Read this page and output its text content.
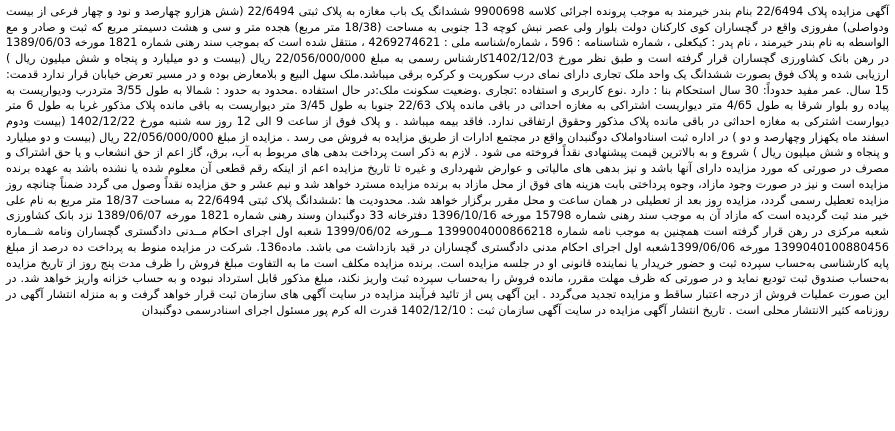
آگهی مزایده پلاک 22/6494 بنام بندر خیرمند به موجب پرونده اجرائی کلاسه 9900698 ششدانگ یک باب مغازه به پلاک ثبتی 22/6494 (شش هزارو چهارصد و نود و چهار فرعی از بیست ودواصلی) مفروزی واقع در گچساران کوی کارکنان دولت بلوار ولی عصر نبش کوچه 13 جنوبی به مساحت (18/38 متر مربع) هجده متر و سی و هشت دسیمتر مربع که ثبت و صادر و مع الواسطه به نام بندر خیرمند ، نام پدر : کیکعلی ، شماره شناسنامه : 596 ، شماره/شناسه ملی : 4269274621 ، منتقل شده است که بموجب سند رهنی شماره 1821 مورخه 1389/06/03 در رهن بانک کشاورزی گچساران قرار گرفته است و طبق نظر مورخ 1402/12/03کارشناس رسمی به مبلغ 22/056/000/000 ریال (بیست و دو میلیارد و پنجاه و شش میلیون ریال ) ارزیابی شده و پلاک فوق بصورت ششدانگ یک واحد ملک تجاری دارای نمای درب سکوریت و کرکره برقی میباشد.ملک سهل البیع و بلامعارض بوده و در مسیر تعرض خیابان قرار ندارد قدمت: 15 سال. عمر مفید حدوداً: 30 سال استحکام بنا : دارد .نوع کاربری و استفاده :تجاری .وضعیت سکونت ملک:در حال استفاده .محدود به حدود : شمالا به طول 3/55 متردرب ودیوار‌یست به پیاده رو بلوار شرقا به طول 4/65 متر دیواریست اشتراکی به مغازه احداثی در باقی مانده پلاک 22/63 جنوبا به طول 3/45 متر دیواریست به باقی مانده پلاک مذکور غربا به طول 6 متر دیوارست اشترکی به مغازه احداثی در باقی مانده پلاک مذکور وحقوق ارتفاقی ندارد. فاقد بیمه میباشد . و پلاک فوق از ساعت 9 الی 12 روز سه شنبه مورخ 1402/12/22 (بیست ودوم اسفند ماه یکهزار وچهارصد و دو ) در اداره ثبت اسنادواملاک دوگنبدان واقع در مجتمع ادارات از طریق مزایده به فروش می رسد . مزایده از مبلغ 22/056/000/000 ریال (بیست و دو میلیارد و پنجاه و شش میلیون ریال ) شروع و به بالاترین قیمت پیشنهادی نقداً فروخته می شود . لازم به ذکر است پرداخت بدهی های مربوط به آب، برق، گاز اعم از حق انشعاب و یا حق اشتراک و مصرف در صورتی که مورد مزایده دارای آنها باشد و نیز بدهی های مالیاتی و عوارض شهرداری و غیره تا تاریخ مزایده اعم از اینکه رقم قطعی آن معلوم شده یا نشده باشد به عهده برنده مزایده است و نیز در صورت وجود مازاد، وجوه پرداختی بابت هزینه های فوق از محل مازاد به برنده مزایده مسترد خواهد شد و نیم عشر و حق مزایده نقداً وصول می گردد ضمناً چنانچه روز مزایده تعطیل رسمی گردد، مزایده روز بعد از تعطیلی در همان ساعت و محل مقرر برگزار خواهد شد. محدودیت ها :ششدانگ پلاک ثبتی 22/6494 به مساحت 18/37 متر مربع به نام علی خیر مند ثبت گردیده است که مازاد آن به موجب سند رهنی شماره 15798 مورخه 1396/10/16 دفترخانه 33 دوگنبدان وسند رهنی شماره 1821 مورخه 1389/06/07 نزد بانک کشاورزی شعبه مرکزی در رهن قرار گرفته است همچنین به موجب نامه شماره 1399004000866218 مــورخه 1399/06/02 شعبه اول اجرای احکام مــدنی دادگستری گچساران ونامه شــماره 1399040100880456 مورخه 1399/06/06شعبه اول اجرای احکام مدنی دادگستری گچساران در قید بازداشت می باشد. ماده136. شرکت در مزایده منوط به پرداخت ده درصد از مبلغ پایه کارشناسی به‌حساب سپرده ثبت و حضور خریدار یا نماینده قانونی او در جلسه مزایده است. برنده مزایده مکلف است ما به التفاوت مبلغ فروش را ظرف مدت پنج روز از تاریخ مزایده به‌حساب صندوق ثبت تودیع نماید و در صورتی که ظرف مهلت مقرر، مانده فروش را به‌حساب سپرده ثبت واریز نکند، مبلغ مذکور قابل استرداد نبوده و به حساب خزانه واریز خواهد شد. در این صورت عملیات فروش از درجه اعتبار ساقط و مزایده تجدید می‌گردد . این آگهی پس از تائید فرآیند مزایده در سایت آگهی های سازمان ثبت قرار خواهد گرفت و به منزله انتشار آگهی در روزنامه کثیر الانتشار محلی است . تاریخ انتشار آگهی مزایده در سایت آگهی سازمان ثبت : 1402/12/10 قدرت اله کرم پور مسئول اجرای اسنادرسمی دوگنبدان
